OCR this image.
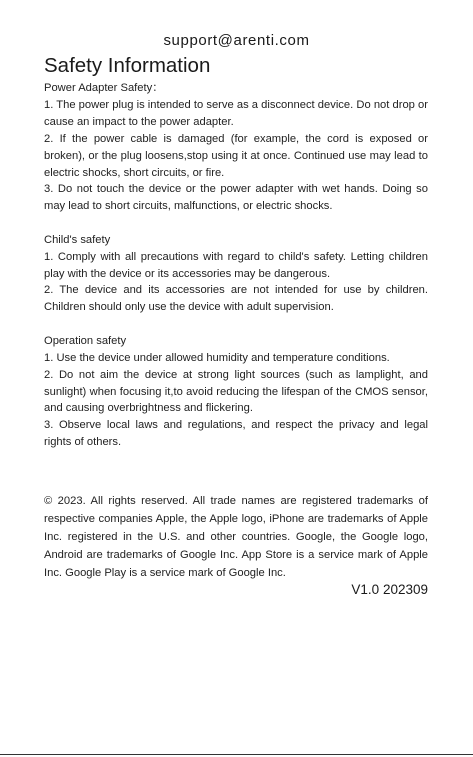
support@arenti.com
Safety Information

Power Adapter Safety：

1. The power plug is intended to serve as a disconnect device. Do not drop or cause an impact to the power adapter.

2. If the power cable is damaged (for example, the cord is exposed or broken), or the plug loosens,stop using it at once. Continued use may lead to electric shocks, short circuits, or fire.

3. Do not touch the device or the power adapter with wet hands. Doing so may lead to short circuits, malfunctions, or electric shocks.

Child's safety

1. Comply with all precautions with regard to child's safety. Letting children play with the device or its accessories may be dangerous.

2. The device and its accessories are not intended for use by children. Children should only use the device with adult supervision.

Operation safety

1. Use the device under allowed humidity and temperature conditions.

2. Do not aim the device at strong light sources (such as lamplight, and sunlight) when focusing it,to avoid reducing the lifespan of the CMOS sensor, and causing overbrightness and flickering.

3. Observe local laws and regulations, and respect the privacy and legal rights of others.

© 2023. All rights reserved. All trade names are registered trademarks of respective companies Apple, the Apple logo, iPhone are trademarks of Apple Inc. registered in the U.S. and other countries. Google, the Google logo, Android are trademarks of Google Inc. App Store is a service mark of Apple Inc. Google Play is a service mark of Google Inc.

V1.0 202309
